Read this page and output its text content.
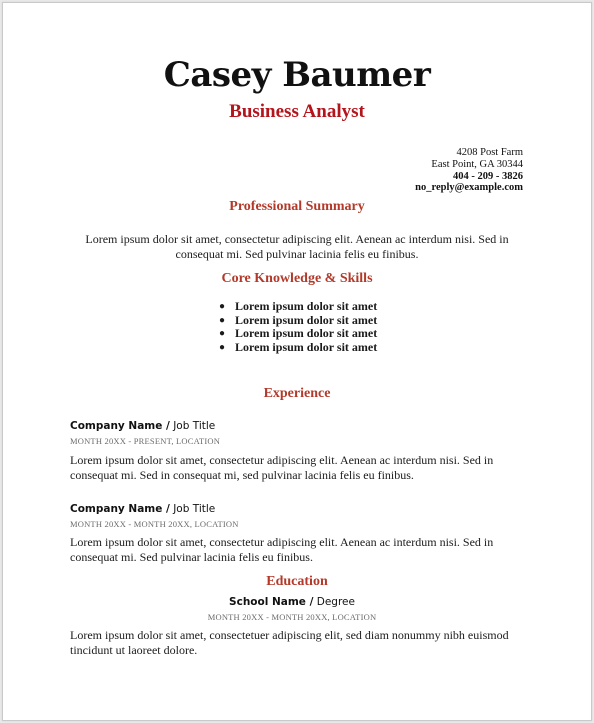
Casey Baumer
Business Analyst
4208 Post Farm
East Point, GA 30344
404 - 209 - 3826
no_reply@example.com
Professional Summary
Lorem ipsum dolor sit amet, consectetur adipiscing elit. Aenean ac interdum nisi. Sed in consequat mi. Sed pulvinar lacinia felis eu finibus.
Core Knowledge & Skills
● Lorem ipsum dolor sit amet
● Lorem ipsum dolor sit amet
● Lorem ipsum dolor sit amet
● Lorem ipsum dolor sit amet
Experience
Company Name / Job Title
MONTH 20XX - PRESENT, LOCATION
Lorem ipsum dolor sit amet, consectetur adipiscing elit. Aenean ac interdum nisi. Sed in consequat mi. Sed in consequat mi, sed pulvinar lacinia felis eu finibus.
Company Name / Job Title
MONTH 20XX - MONTH 20XX, LOCATION
Lorem ipsum dolor sit amet, consectetur adipiscing elit. Aenean ac interdum nisi. Sed in consequat mi. Sed pulvinar lacinia felis eu finibus.
Education
School Name / Degree
MONTH 20XX - MONTH 20XX, LOCATION
Lorem ipsum dolor sit amet, consectetuer adipiscing elit, sed diam nonummy nibh euismod tincidunt ut laoreet dolore.
